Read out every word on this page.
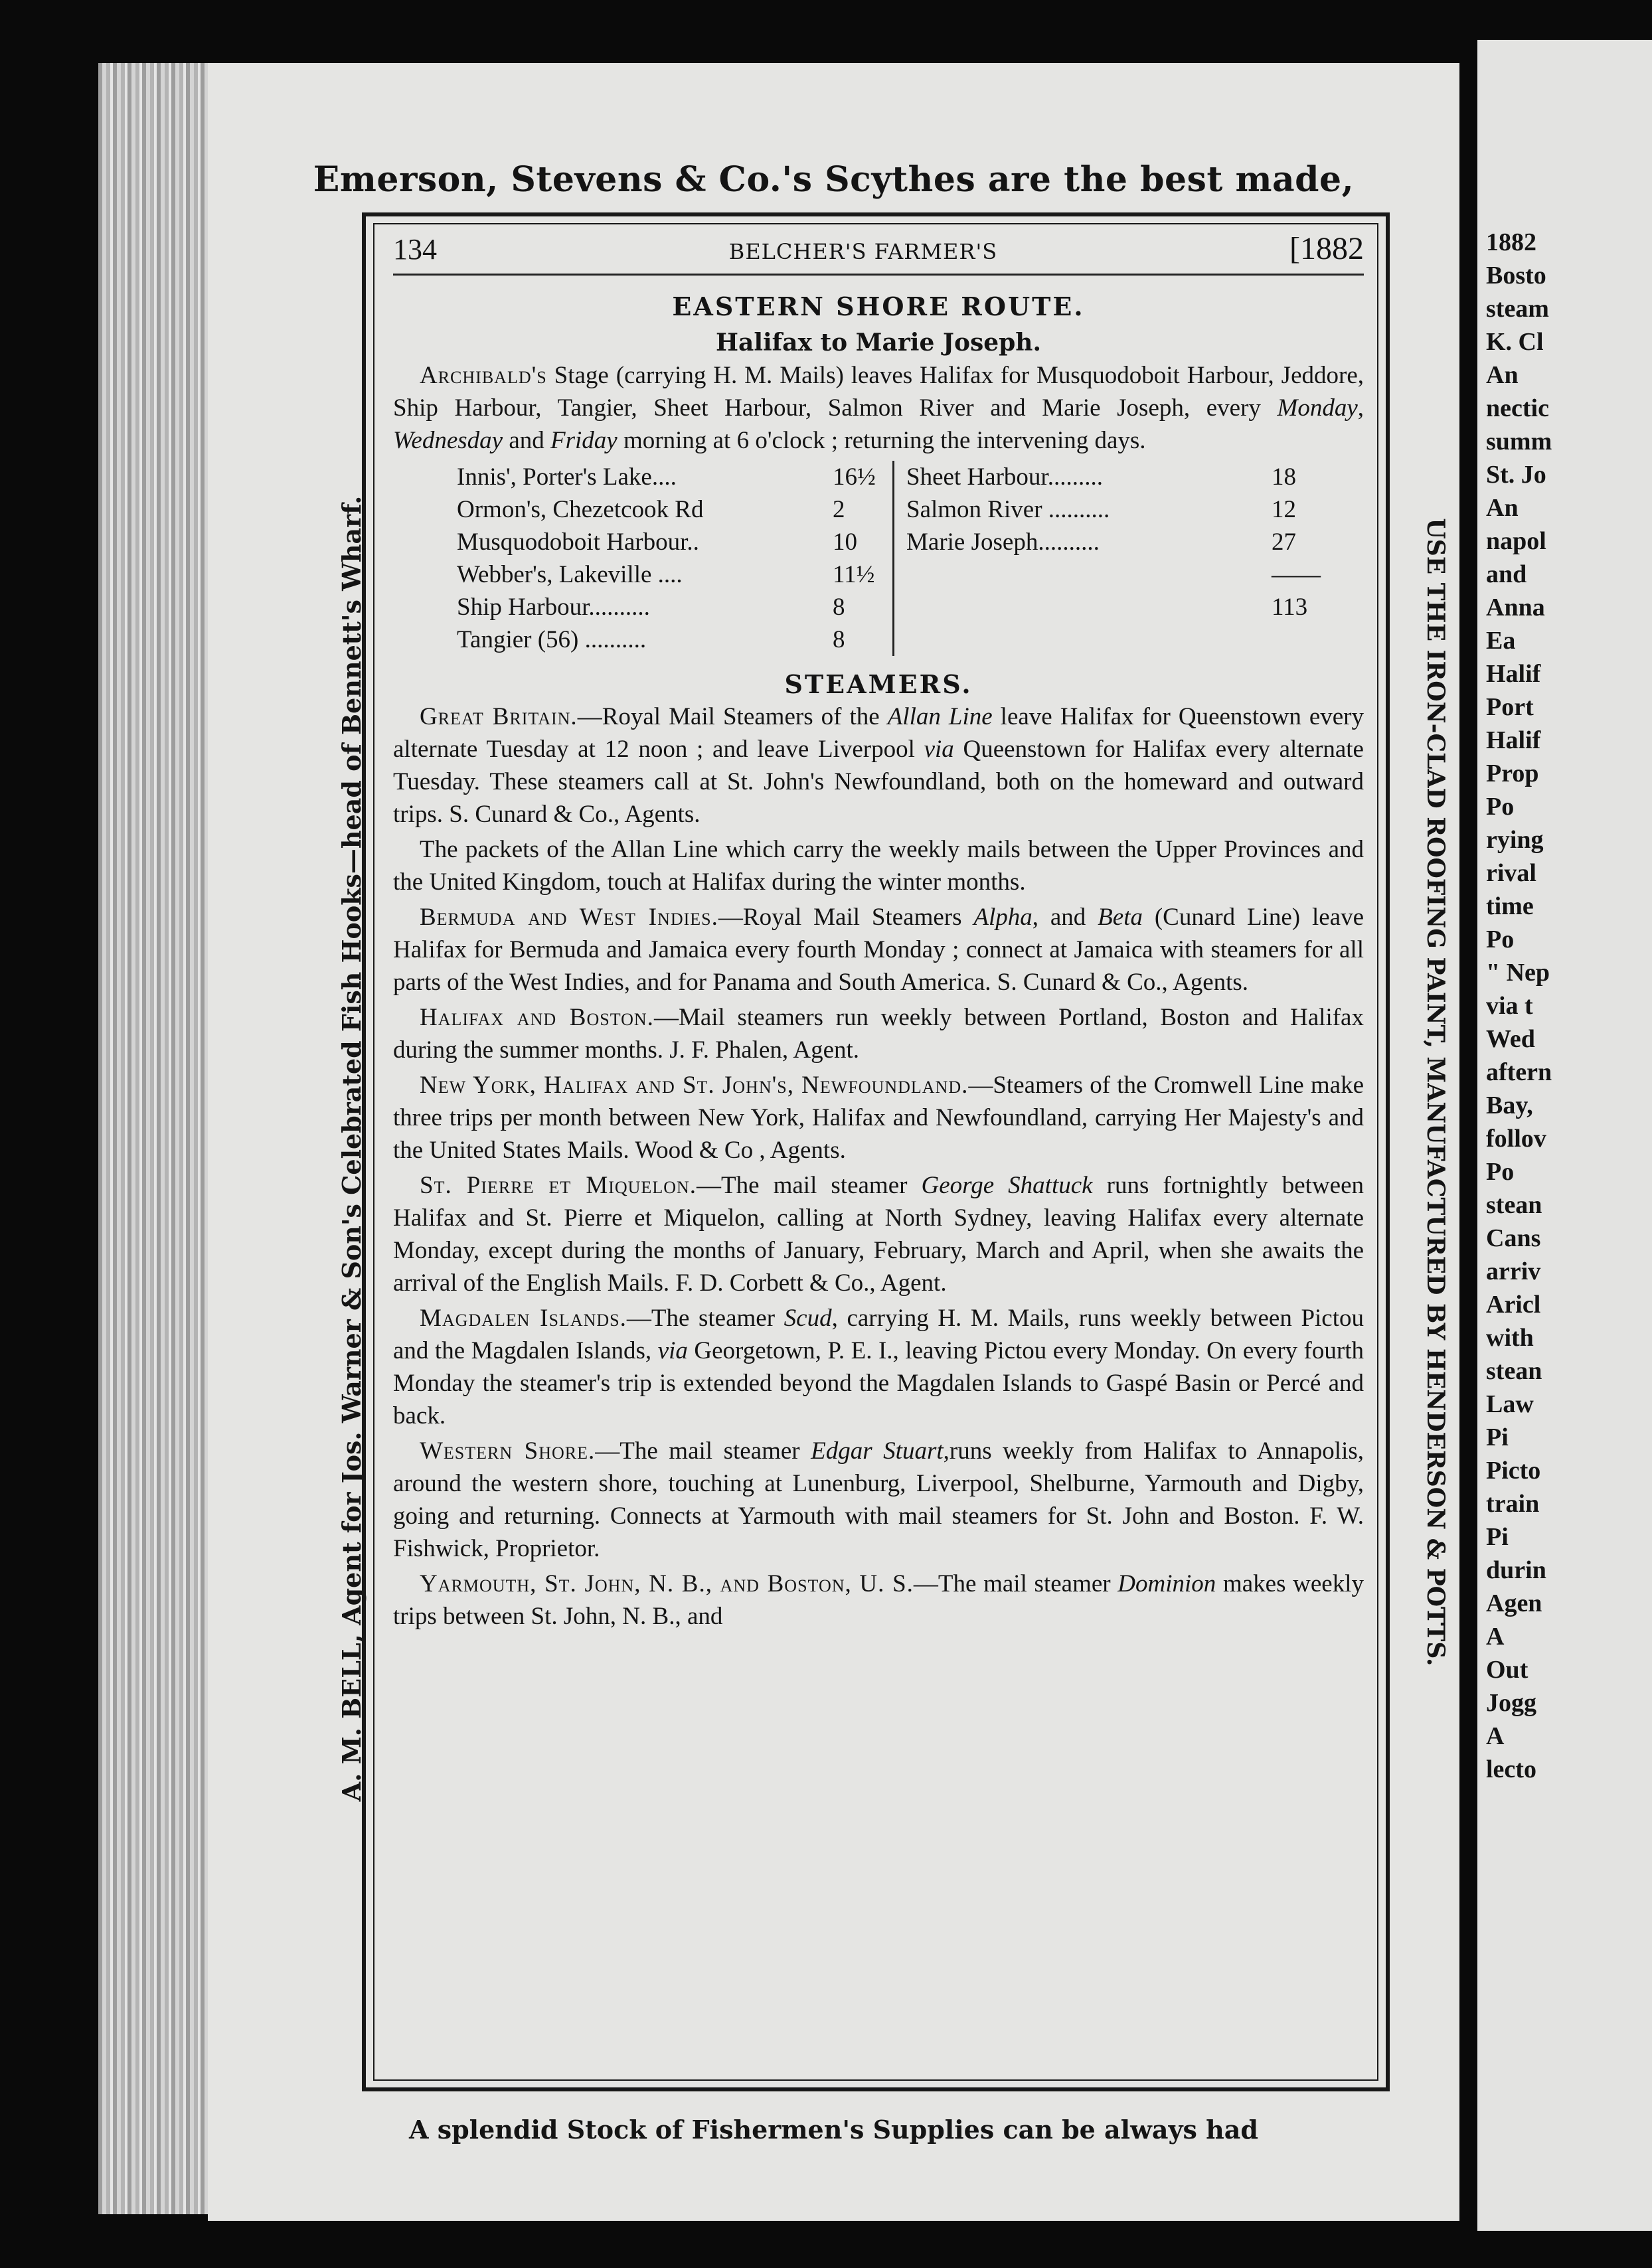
Emerson, Stevens & Co.'s Scythes are the best made,
A. M. BELL, Agent for Jos. Warner & Son's Celebrated Fish Hooks—head of Bennett's Wharf.	USE THE IRON-CLAD ROOFING PAINT, MANUFACTURED BY HENDERSON & POTTS.
134	BELCHER'S FARMER'S	[1882
EASTERN SHORE ROUTE.
Halifax to Marie Joseph.

Archibald's Stage (carrying H. M. Mails) leaves Halifax for Musquodoboit Harbour, Jeddore, Ship Harbour, Tangier, Sheet Harbour, Salmon River and Marie Joseph, every Monday, Wednesday and Friday morning at 6 o'clock ; returning the intervening days.

Innis', Porter's Lake....	16½
Ormon's, Chezetcook Rd	2
Musquodoboit Harbour..	10
Webber's, Lakeville ....	11½
Ship Harbour..........	8
Tangier (56) ..........	8
Sheet Harbour.........	18
Salmon River ..........	12
Marie Joseph..........	27
——
113
STEAMERS.

Great Britain.—Royal Mail Steamers of the Allan Line leave Halifax for Queenstown every alternate Tuesday at 12 noon ; and leave Liverpool via Queenstown for Halifax every alternate Tuesday. These steamers call at St. John's Newfoundland, both on the homeward and outward trips. S. Cunard & Co., Agents.

The packets of the Allan Line which carry the weekly mails between the Upper Provinces and the United Kingdom, touch at Halifax during the winter months.

Bermuda and West Indies.—Royal Mail Steamers Alpha, and Beta (Cunard Line) leave Halifax for Bermuda and Jamaica every fourth Monday ; connect at Jamaica with steamers for all parts of the West Indies, and for Panama and South America. S. Cunard & Co., Agents.

Halifax and Boston.—Mail steamers run weekly between Portland, Boston and Halifax during the summer months. J. F. Phalen, Agent.

New York, Halifax and St. John's, Newfoundland.—Steamers of the Cromwell Line make three trips per month between New York, Halifax and Newfoundland, carrying Her Majesty's and the United States Mails. Wood & Co , Agents.

St. Pierre et Miquelon.—The mail steamer George Shattuck runs fortnightly between Halifax and St. Pierre et Miquelon, calling at North Sydney, leaving Halifax every alternate Monday, except during the months of January, February, March and April, when she awaits the arrival of the English Mails. F. D. Corbett & Co., Agent.

Magdalen Islands.—The steamer Scud, carrying H. M. Mails, runs weekly between Pictou and the Magdalen Islands, via Georgetown, P. E. I., leaving Pictou every Monday. On every fourth Monday the steamer's trip is extended beyond the Magdalen Islands to Gaspé Basin or Percé and back.

Western Shore.—The mail steamer Edgar Stuart,runs weekly from Halifax to Annapolis, around the western shore, touching at Lunenburg, Liverpool, Shelburne, Yarmouth and Digby, going and returning. Connects at Yarmouth with mail steamers for St. John and Boston. F. W. Fishwick, Proprietor.

Yarmouth, St. John, N. B., and Boston, U. S.—The mail steamer Dominion makes weekly trips between St. John, N. B., and

A splendid Stock of Fishermen's Supplies can be always had
1882
Bosto
steam
K. Cl
An
nectic
summ
St. Jo
An
napol
and
Anna
Ea
Halif
Port
Halif
Prop
Po
rying
rival
time
Po
" Nep
via t
Wed
aftern
Bay,
follov
Po
stean
Cans
arriv
Aricl
with
stean
Law
Pi
Picto
train
Pi
durin
Agen
A
Out
Jogg
A
lecto
